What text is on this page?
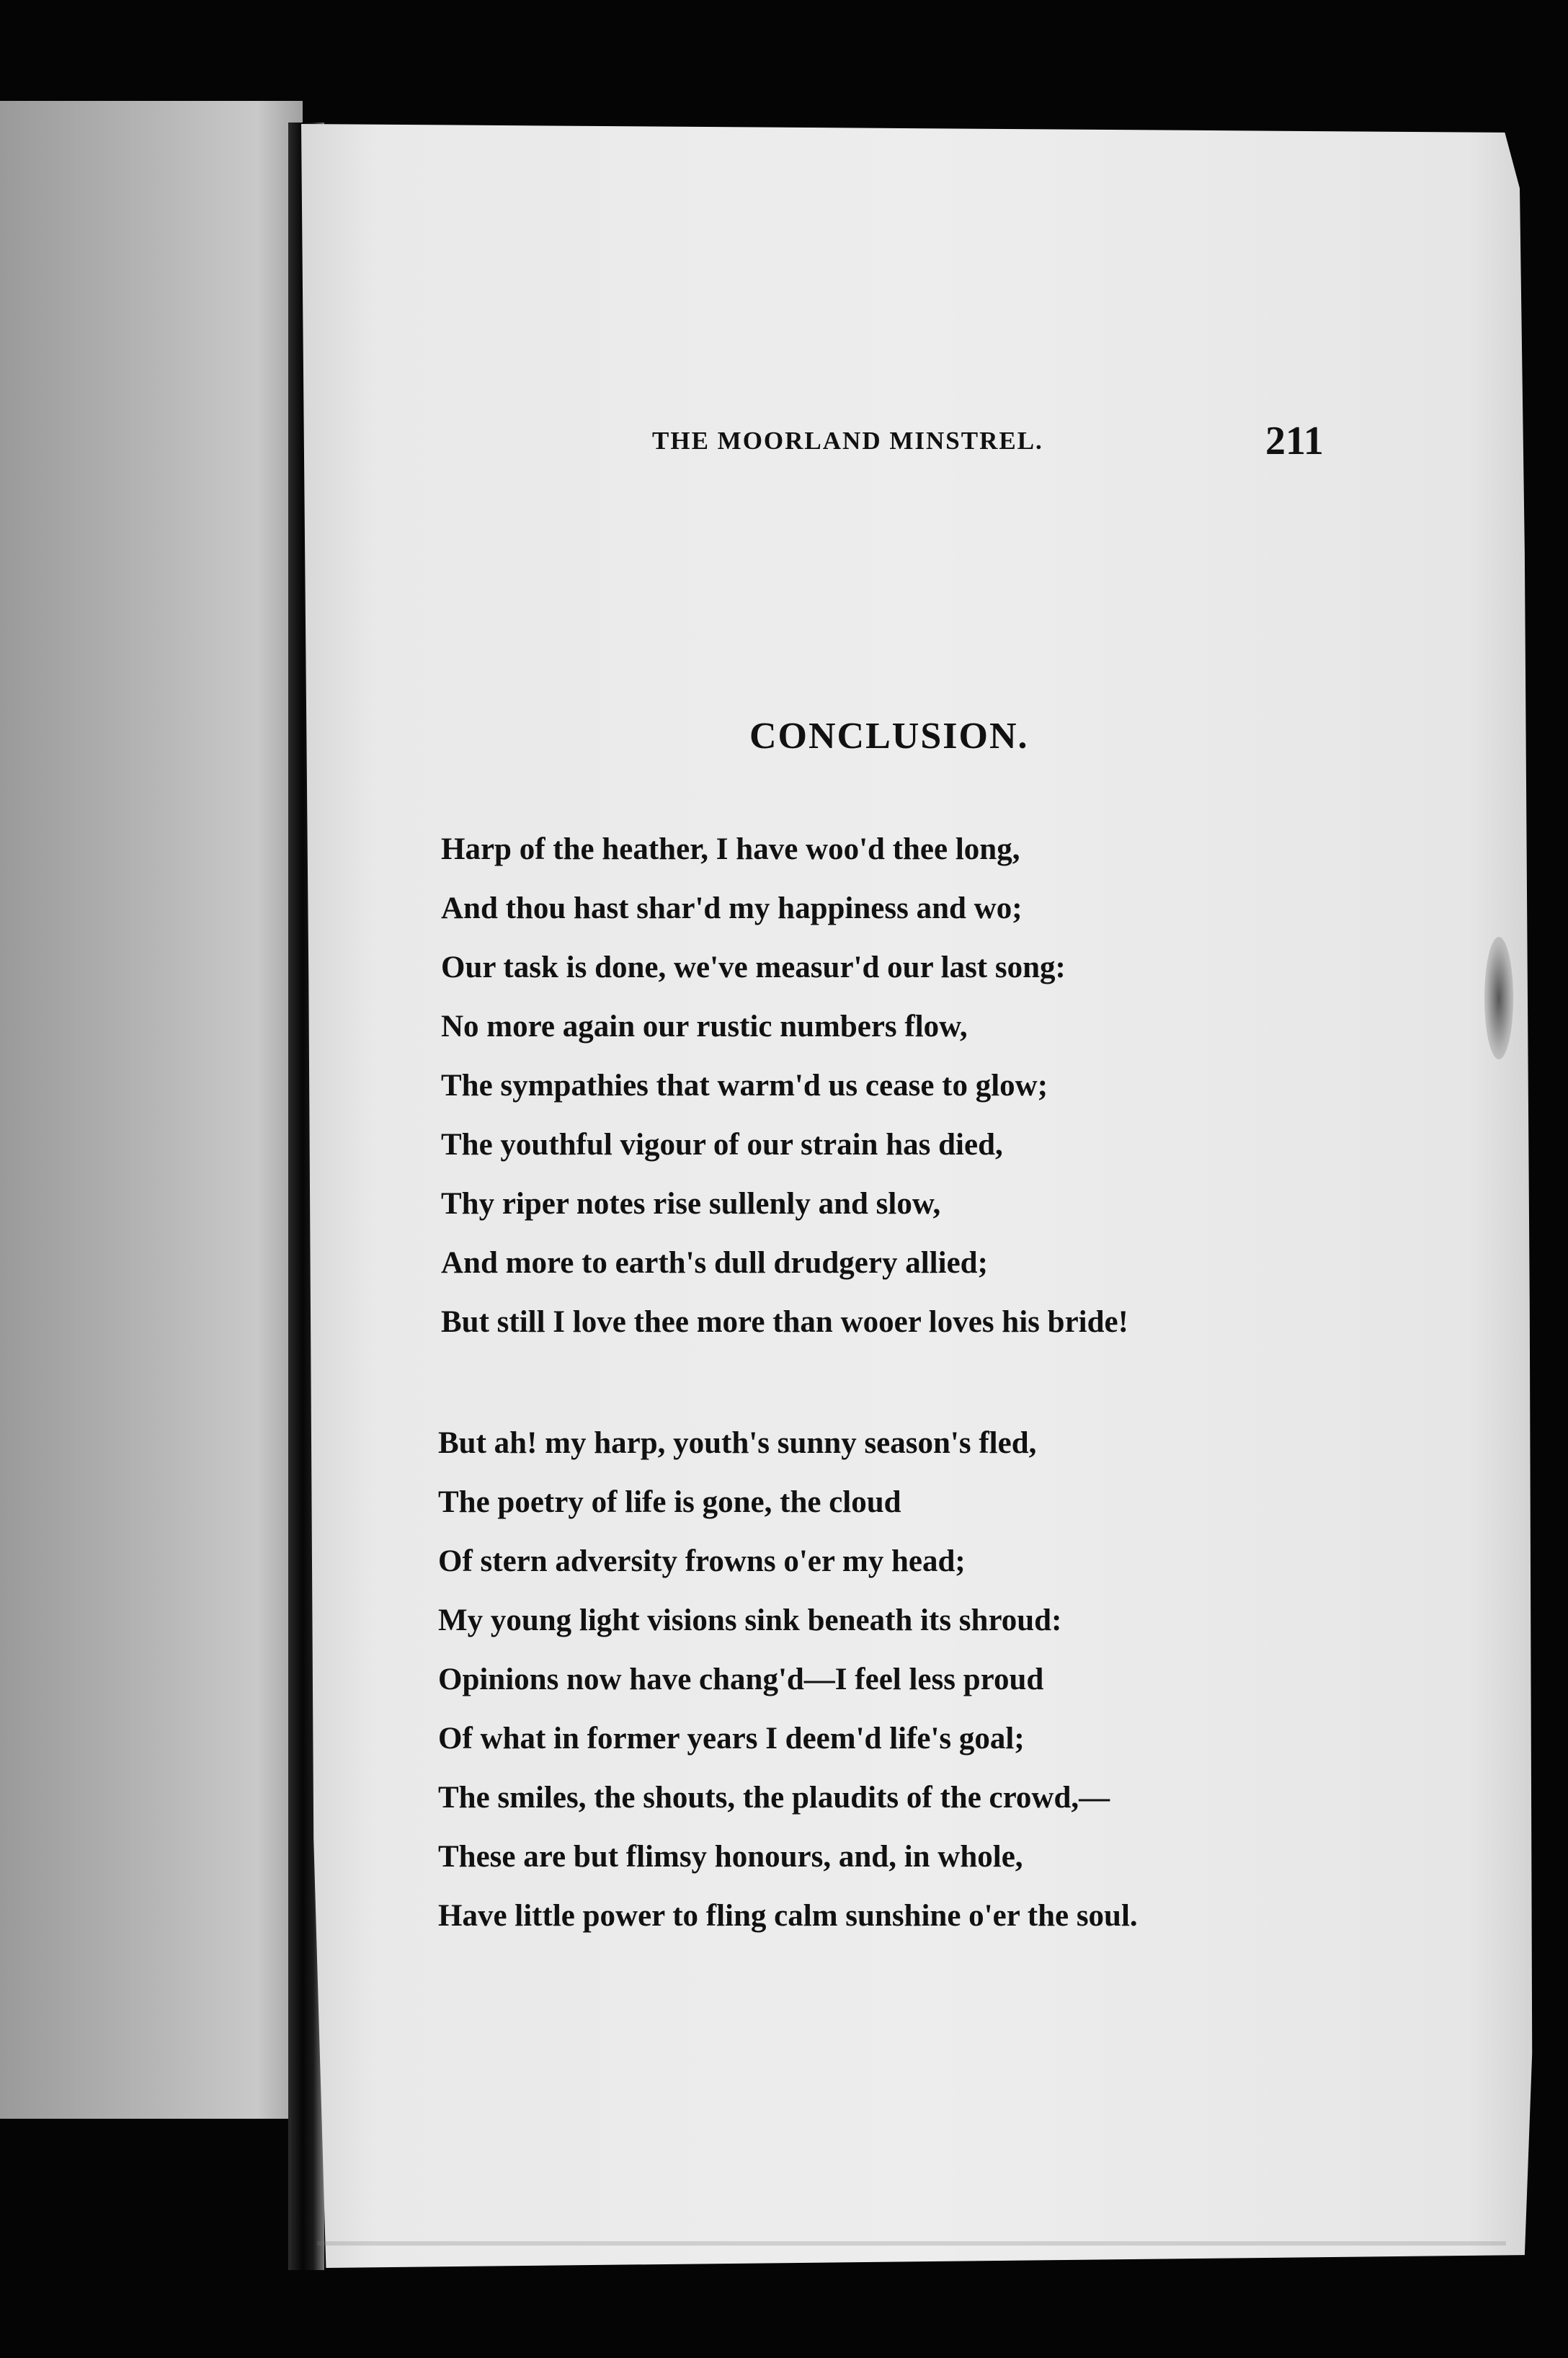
THE MOORLAND MINSTREL.	211
CONCLUSION.
Harp of the heather, I have woo'd thee long,
And thou hast shar'd my happiness and wo;
Our task is done, we've measur'd our last song:
No more again our rustic numbers flow,
The sympathies that warm'd us cease to glow;
The youthful vigour of our strain has died,
Thy riper notes rise sullenly and slow,
And more to earth's dull drudgery allied;
But still I love thee more than wooer loves his bride!
But ah! my harp, youth's sunny season's fled,
The poetry of life is gone, the cloud
Of stern adversity frowns o'er my head;
My young light visions sink beneath its shroud:
Opinions now have chang'd—I feel less proud
Of what in former years I deem'd life's goal;
The smiles, the shouts, the plaudits of the crowd,—
These are but flimsy honours, and, in whole,
Have little power to fling calm sunshine o'er the soul.
